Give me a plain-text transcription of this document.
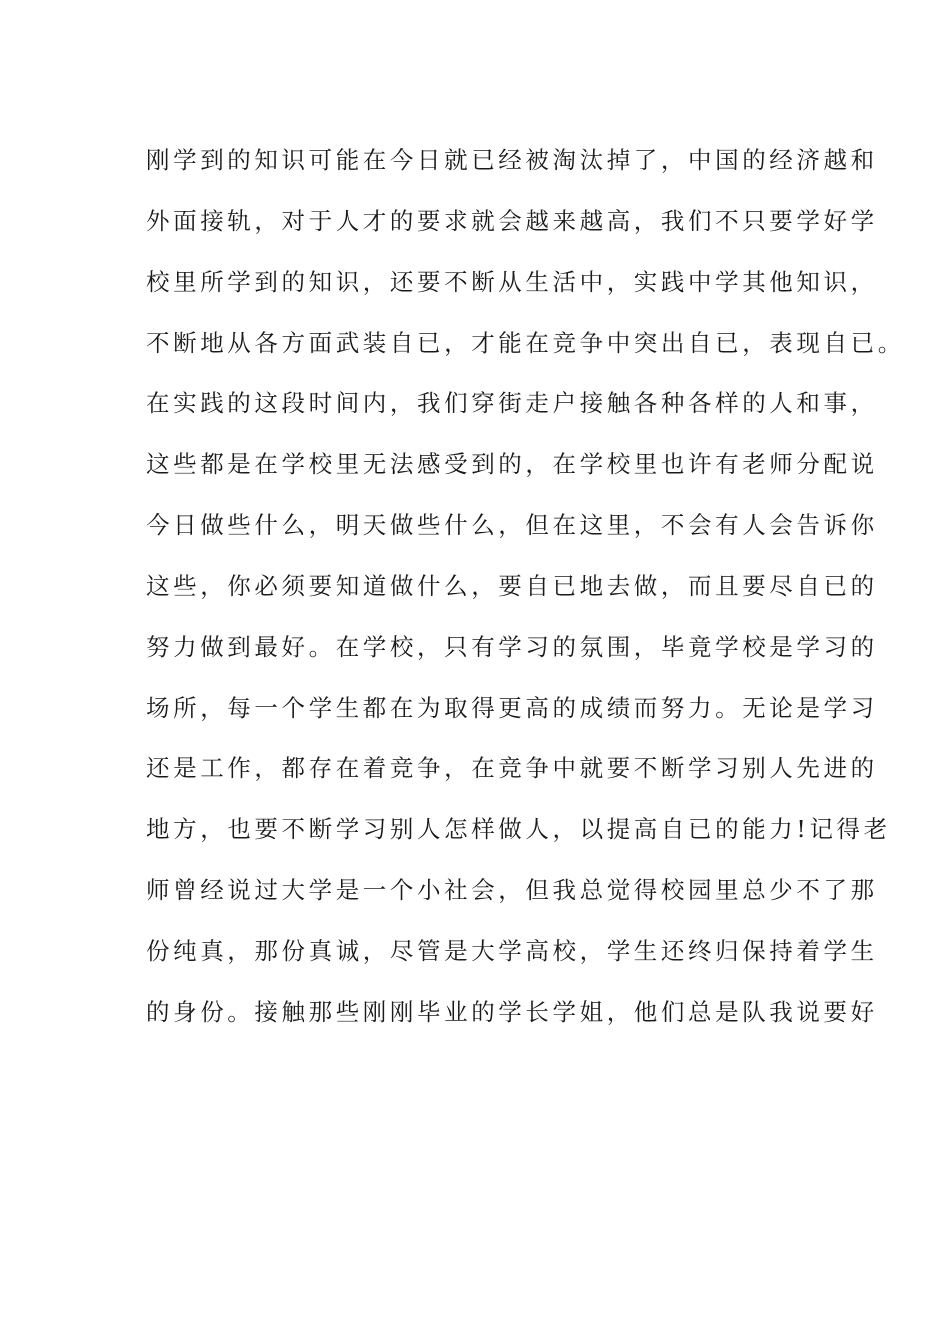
刚学到的知识可能在今日就已经被淘汰掉了，中国的经济越和

外面接轨，对于人才的要求就会越来越高，我们不只要学好学

校里所学到的知识，还要不断从生活中，实践中学其他知识，

不断地从各方面武装自已，才能在竞争中突出自已，表现自已。

在实践的这段时间内，我们穿街走户接触各种各样的人和事，

这些都是在学校里无法感受到的，在学校里也许有老师分配说

今日做些什么，明天做些什么，但在这里，不会有人会告诉你

这些，你必须要知道做什么，要自已地去做，而且要尽自已的

努力做到最好。在学校，只有学习的氛围，毕竟学校是学习的

场所，每一个学生都在为取得更高的成绩而努力。无论是学习

还是工作，都存在着竞争，在竞争中就要不断学习别人先进的

地方，也要不断学习别人怎样做人，以提高自已的能力!记得老

师曾经说过大学是一个小社会，但我总觉得校园里总少不了那

份纯真，那份真诚，尽管是大学高校，学生还终归保持着学生

的身份。接触那些刚刚毕业的学长学姐，他们总是队我说要好
